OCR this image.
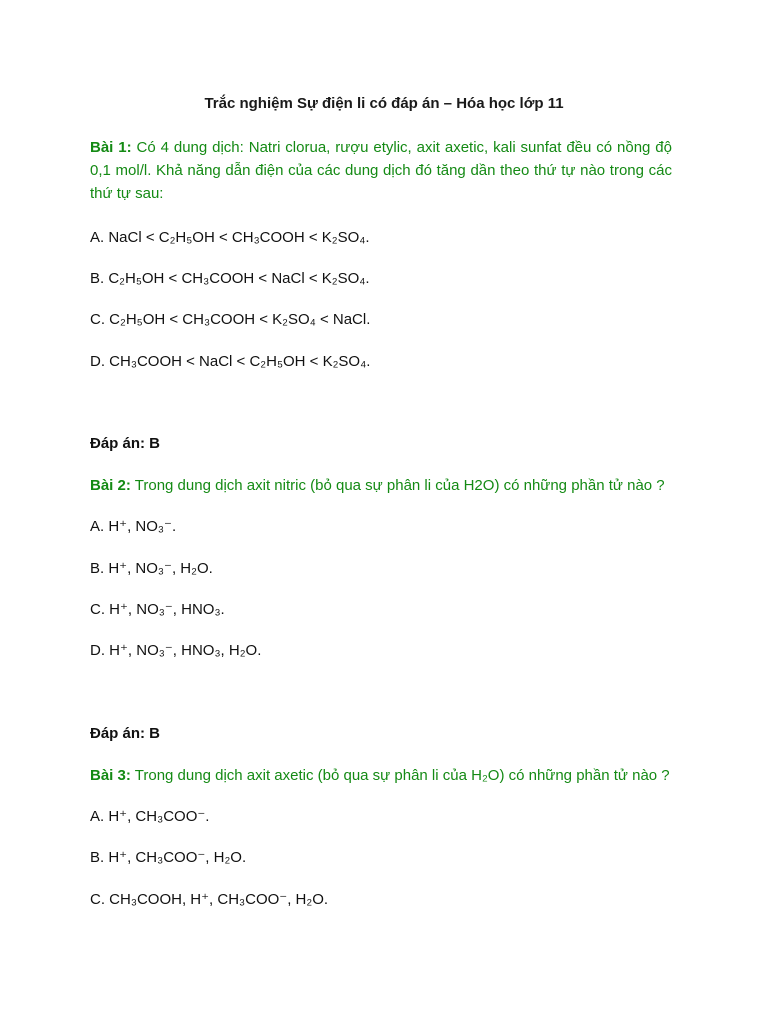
Trắc nghiệm Sự điện li có đáp án – Hóa học lớp 11

Bài 1: Có 4 dung dịch: Natri clorua, rượu etylic, axit axetic, kali sunfat đều có nồng độ 0,1 mol/l. Khả năng dẫn điện của các dung dịch đó tăng dần theo thứ tự nào trong các thứ tự sau:

A. NaCl < C₂H₅OH < CH₃COOH < K₂SO₄.

B. C₂H₅OH < CH₃COOH < NaCl < K₂SO₄.

C. C₂H₅OH < CH₃COOH < K₂SO₄ < NaCl.

D. CH₃COOH < NaCl < C₂H₅OH < K₂SO₄.

Đáp án: B

Bài 2: Trong dung dịch axit nitric (bỏ qua sự phân li của H2O) có những phần tử nào ?

A. H⁺, NO₃⁻.

B. H⁺, NO₃⁻, H₂O.

C. H⁺, NO₃⁻, HNO₃.

D. H⁺, NO₃⁻, HNO₃, H₂O.

Đáp án: B

Bài 3: Trong dung dịch axit axetic (bỏ qua sự phân li của H₂O) có những phần tử nào ?

A. H⁺, CH₃COO⁻.

B. H⁺, CH₃COO⁻, H₂O.

C. CH₃COOH, H⁺, CH₃COO⁻, H₂O.
